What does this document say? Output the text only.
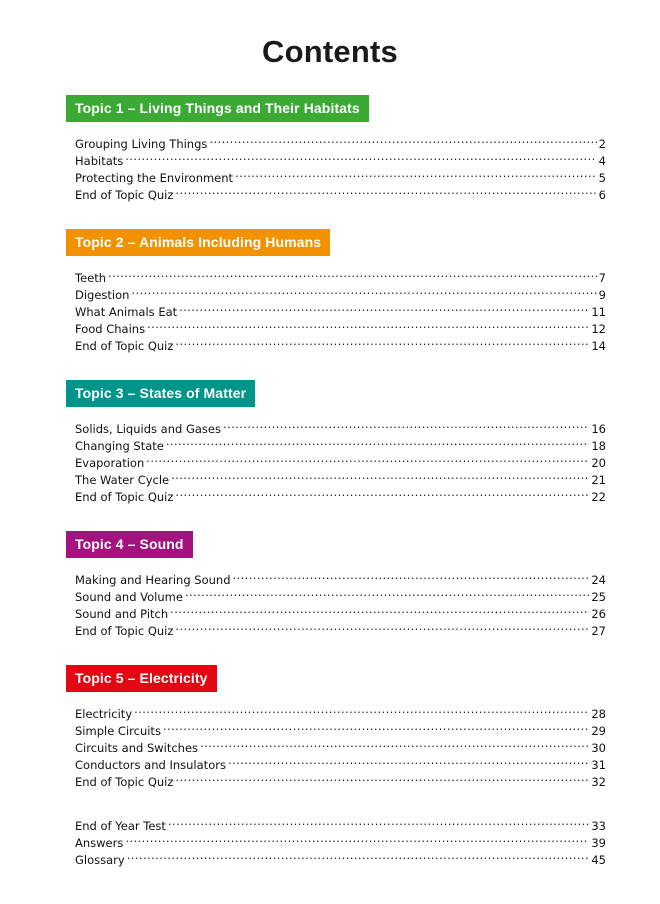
Contents
Topic 1 – Living Things and Their Habitats
Grouping Living Things .....	2
Habitats .....	4
Protecting the Environment .....	5
End of Topic Quiz .....	6
Topic 2 – Animals Including Humans
Teeth .....	7
Digestion .....	9
What Animals Eat .....	11
Food Chains .....	12
End of Topic Quiz .....	14
Topic 3 – States of Matter
Solids, Liquids and Gases .....	16
Changing State .....	18
Evaporation .....	20
The Water Cycle .....	21
End of Topic Quiz .....	22
Topic 4 – Sound
Making and Hearing Sound .....	24
Sound and Volume .....	25
Sound and Pitch .....	26
End of Topic Quiz .....	27
Topic 5 – Electricity
Electricity .....	28
Simple Circuits .....	29
Circuits and Switches .....	30
Conductors and Insulators .....	31
End of Topic Quiz .....	32
End of Year Test .....	33
Answers .....	39
Glossary .....	45
